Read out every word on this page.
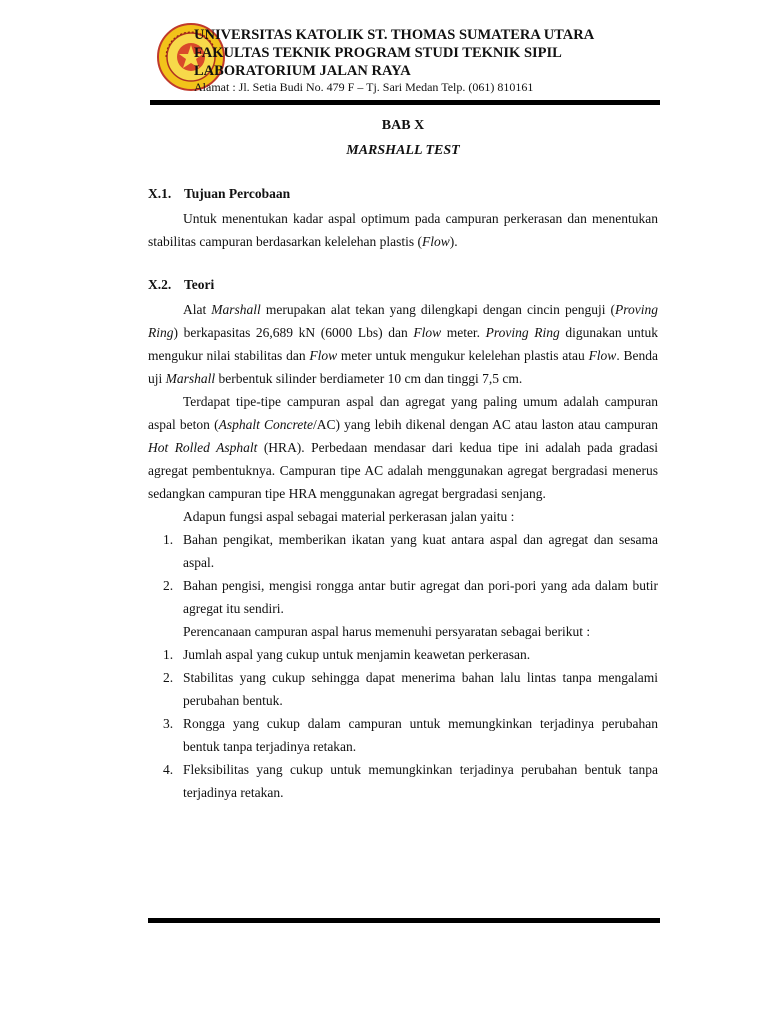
UNIVERSITAS KATOLIK ST. THOMAS SUMATERA UTARA
FAKULTAS TEKNIK PROGRAM STUDI TEKNIK SIPIL
LABORATORIUM JALAN RAYA
Alamat : Jl. Setia Budi No. 479 F – Tj. Sari Medan Telp. (061) 810161
BAB X
MARSHALL TEST
X.1. Tujuan Percobaan

Untuk menentukan kadar aspal optimum pada campuran perkerasan dan menentukan stabilitas campuran berdasarkan kelelehan plastis (Flow).

X.2. Teori

Alat Marshall merupakan alat tekan yang dilengkapi dengan cincin penguji (Proving Ring) berkapasitas 26,689 kN (6000 Lbs) dan Flow meter. Proving Ring digunakan untuk mengukur nilai stabilitas dan Flow meter untuk mengukur kelelehan plastis atau Flow. Benda uji Marshall berbentuk silinder berdiameter 10 cm dan tinggi 7,5 cm.

Terdapat tipe-tipe campuran aspal dan agregat yang paling umum adalah campuran aspal beton (Asphalt Concrete/AC) yang lebih dikenal dengan AC atau laston atau campuran Hot Rolled Asphalt (HRA). Perbedaan mendasar dari kedua tipe ini adalah pada gradasi agregat pembentuknya. Campuran tipe AC adalah menggunakan agregat bergradasi menerus sedangkan campuran tipe HRA menggunakan agregat bergradasi senjang.

Adapun fungsi aspal sebagai material perkerasan jalan yaitu :

1. Bahan pengikat, memberikan ikatan yang kuat antara aspal dan agregat dan sesama aspal.
2. Bahan pengisi, mengisi rongga antar butir agregat dan pori-pori yang ada dalam butir agregat itu sendiri.

Perencanaan campuran aspal harus memenuhi persyaratan sebagai berikut :

1. Jumlah aspal yang cukup untuk menjamin keawetan perkerasan.
2. Stabilitas yang cukup sehingga dapat menerima bahan lalu lintas tanpa mengalami perubahan bentuk.
3. Rongga yang cukup dalam campuran untuk memungkinkan terjadinya perubahan bentuk tanpa terjadinya retakan.
4. Fleksibilitas yang cukup untuk memungkinkan terjadinya perubahan bentuk tanpa terjadinya retakan.
